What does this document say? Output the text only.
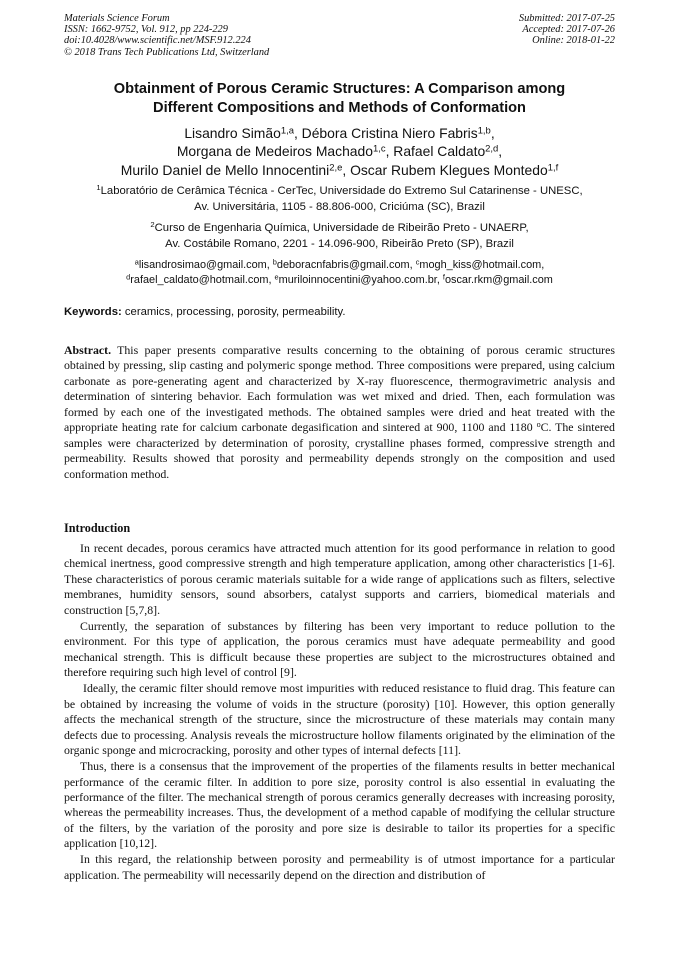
Materials Science Forum
ISSN: 1662-9752, Vol. 912, pp 224-229
doi:10.4028/www.scientific.net/MSF.912.224
© 2018 Trans Tech Publications Ltd, Switzerland
Submitted: 2017-07-25
Accepted: 2017-07-26
Online: 2018-01-22
Obtainment of Porous Ceramic Structures: A Comparison among
Different Compositions and Methods of Conformation
Lisandro Simão$^{1,a}$, Débora Cristina Niero Fabris$^{1,b}$,
Morgana de Medeiros Machado$^{1,c}$, Rafael Caldato$^{2,d}$,
Murilo Daniel de Mello Innocentini$^{2,e}$, Oscar Rubem Klegues Montedo$^{1,f}$
$^1$Laboratório de Cerâmica Técnica - CerTec, Universidade do Extremo Sul Catarinense - UNESC,
Av. Universitária, 1105 - 88.806-000, Criciúma (SC), Brazil
$^2$Curso de Engenharia Química, Universidade de Ribeirão Preto - UNAERP,
Av. Costábile Romano, 2201 - 14.096-900, Ribeirão Preto (SP), Brazil
$^a$lisandrosimao@gmail.com, $^b$deboracnfabris@gmail.com, $^c$mogh_kiss@hotmail.com,
$^d$rafael_caldato@hotmail.com, $^e$muriloinnocentini@yahoo.com.br, $^f$oscar.rkm@gmail.com
Keywords: ceramics, processing, porosity, permeability.
Abstract. This paper presents comparative results concerning to the obtaining of porous ceramic structures obtained by pressing, slip casting and polymeric sponge method. Three compositions were prepared, using calcium carbonate as pore-generating agent and characterized by X-ray fluorescence, thermogravimetric analysis and determination of sintering behavior. Each formulation was wet mixed and dried. Then, each formulation was formed by each one of the investigated methods. The obtained samples were dried and heat treated with the appropriate heating rate for calcium carbonate degasification and sintered at 900, 1100 and 1180 $^o$C. The sintered samples were characterized by determination of porosity, crystalline phases formed, compressive strength and permeability. Results showed that porosity and permeability depends strongly on the composition and used conformation method.
Introduction

In recent decades, porous ceramics have attracted much attention for its good performance in relation to good chemical inertness, good compressive strength and high temperature application, among other characteristics [1-6]. These characteristics of porous ceramic materials suitable for a wide range of applications such as filters, selective membranes, humidity sensors, sound absorbers, catalyst supports and carriers, biomedical materials and construction [5,7,8].

Currently, the separation of substances by filtering has been very important to reduce pollution to the environment. For this type of application, the porous ceramics must have adequate permeability and good mechanical strength. This is difficult because these properties are subject to the microstructures obtained and therefore requiring such high level of control [9].

Ideally, the ceramic filter should remove most impurities with reduced resistance to fluid drag. This feature can be obtained by increasing the volume of voids in the structure (porosity) [10]. However, this option generally affects the mechanical strength of the structure, since the microstructure of these materials may contain many defects due to processing. Analysis reveals the microstructure hollow filaments originated by the elimination of the organic sponge and microcracking, porosity and other types of internal defects [11].

Thus, there is a consensus that the improvement of the properties of the filaments results in better mechanical performance of the ceramic filter. In addition to pore size, porosity control is also essential in evaluating the performance of the filter. The mechanical strength of porous ceramics generally decreases with increasing porosity, whereas the permeability increases. Thus, the development of a method capable of modifying the cellular structure of the filters, by the variation of the porosity and pore size is desirable to tailor its properties for a specific application [10,12].

In this regard, the relationship between porosity and permeability is of utmost importance for a particular application. The permeability will necessarily depend on the direction and distribution of
